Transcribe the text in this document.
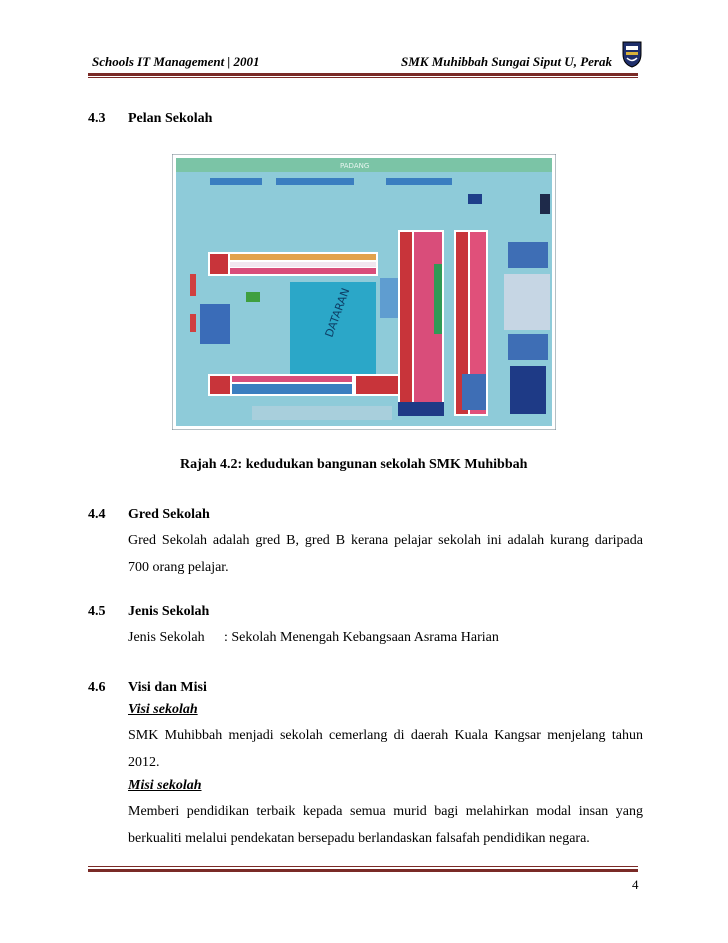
Schools IT Management | 2001	SMK Muhibbah Sungai Siput U, Perak
4.3 Pelan Sekolah
PADANG
DATARAN
Rajah 4.2: kedudukan bangunan sekolah SMK Muhibbah
4.4 Gred Sekolah
Gred Sekolah adalah gred B, gred B kerana pelajar sekolah ini adalah kurang daripada
700 orang pelajar.
4.5 Jenis Sekolah
Jenis Sekolah : Sekolah Menengah Kebangsaan Asrama Harian
4.6 Visi dan Misi
Visi sekolah
SMK Muhibbah menjadi sekolah cemerlang di daerah Kuala Kangsar menjelang tahun
2012.
Misi sekolah
Memberi pendidikan terbaik kepada semua murid bagi melahirkan modal insan yang
berkualiti melalui pendekatan bersepadu berlandaskan falsafah pendidikan negara.
4
